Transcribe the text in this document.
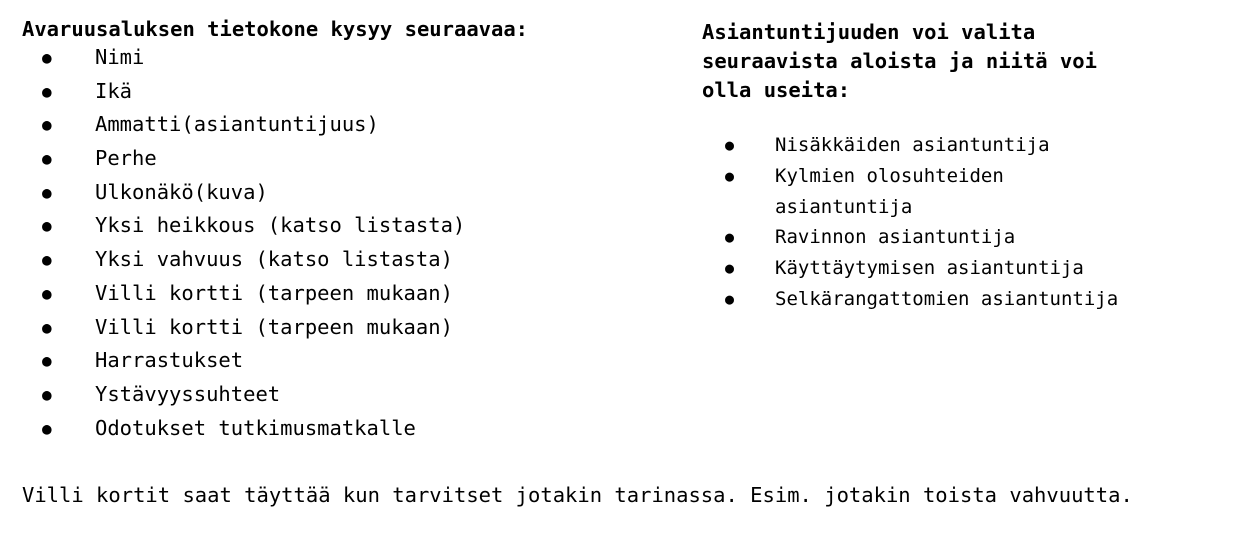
Avaruusaluksen tietokone kysyy seuraavaa:
● Nimi
● Ikä
● Ammatti(asiantuntijuus)
● Perhe
● Ulkonäkö(kuva)
● Yksi heikkous (katso listasta)
● Yksi vahvuus (katso listasta)
● Villi kortti (tarpeen mukaan)
● Villi kortti (tarpeen mukaan)
● Harrastukset
● Ystävyyssuhteet
● Odotukset tutkimusmatkalle
Asiantuntijuuden voi valita
seuraavista aloista ja niitä voi
olla useita:
● Nisäkkäiden asiantuntija
● Kylmien olosuhteiden
asiantuntija
● Ravinnon asiantuntija
● Käyttäytymisen asiantuntija
● Selkärangattomien asiantuntija

Villi kortit saat täyttää kun tarvitset jotakin tarinassa. Esim. jotakin toista vahvuutta.
